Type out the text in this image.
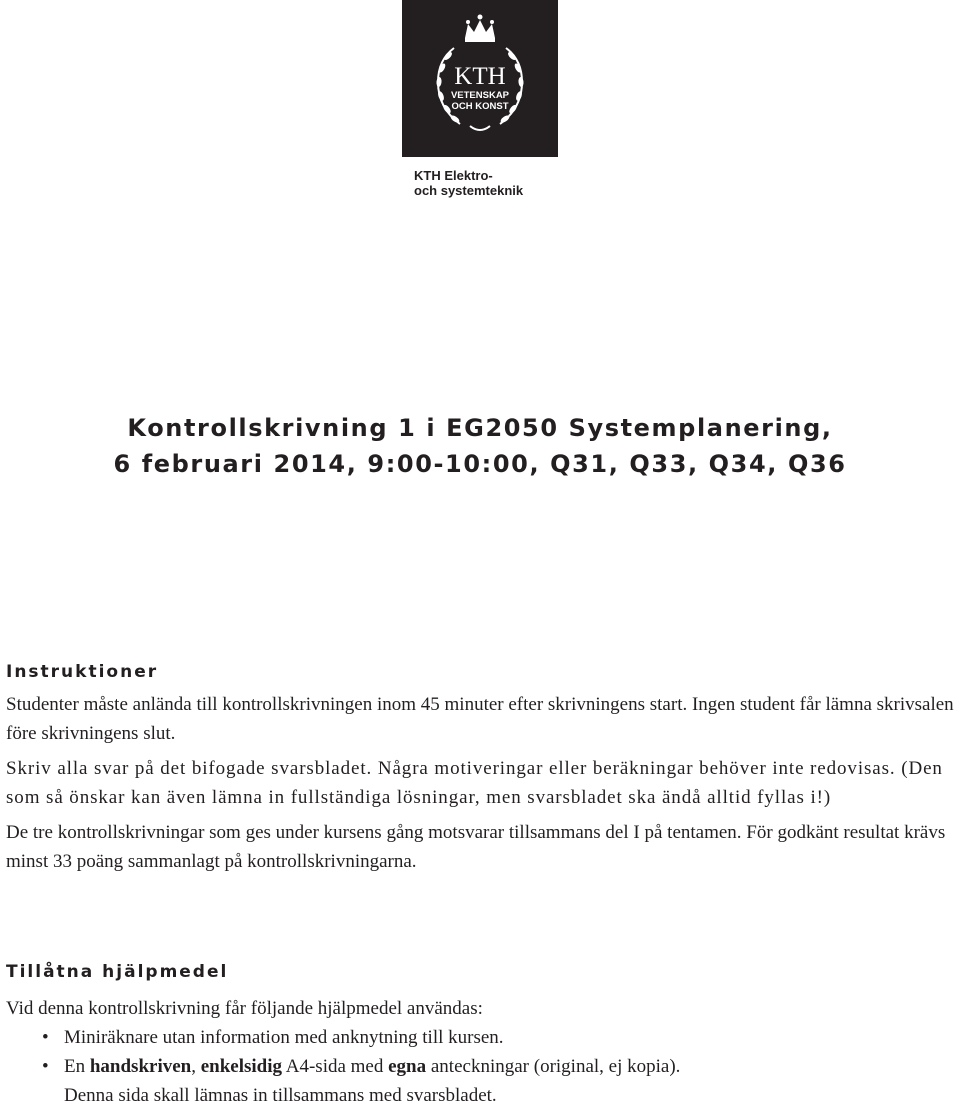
KTH
VETENSKAP
OCH KONST
KTH Elektro-
och systemteknik
Kontrollskrivning 1 i EG2050 Systemplanering,
6 februari 2014, 9:00-10:00, Q31, Q33, Q34, Q36
Instruktioner

Studenter måste anlända till kontrollskrivningen inom 45 minuter efter skrivningens start. Ingen student får lämna skrivsalen före skrivningens slut.

Skriv alla svar på det bifogade svarsbladet. Några motiveringar eller beräkningar behöver inte redovisas. (Den som så önskar kan även lämna in fullständiga lösningar, men svarsbladet ska ändå alltid fyllas i!)

De tre kontrollskrivningar som ges under kursens gång motsvarar tillsammans del I på tentamen. För godkänt resultat krävs minst 33 poäng sammanlagt på kontrollskrivningarna.

Tillåtna hjälpmedel

Vid denna kontrollskrivning får följande hjälpmedel användas:

• Miniräknare utan information med anknytning till kursen.
• En handskriven, enkelsidig A4-sida med egna anteckningar (original, ej kopia).
Denna sida skall lämnas in tillsammans med svarsbladet.
